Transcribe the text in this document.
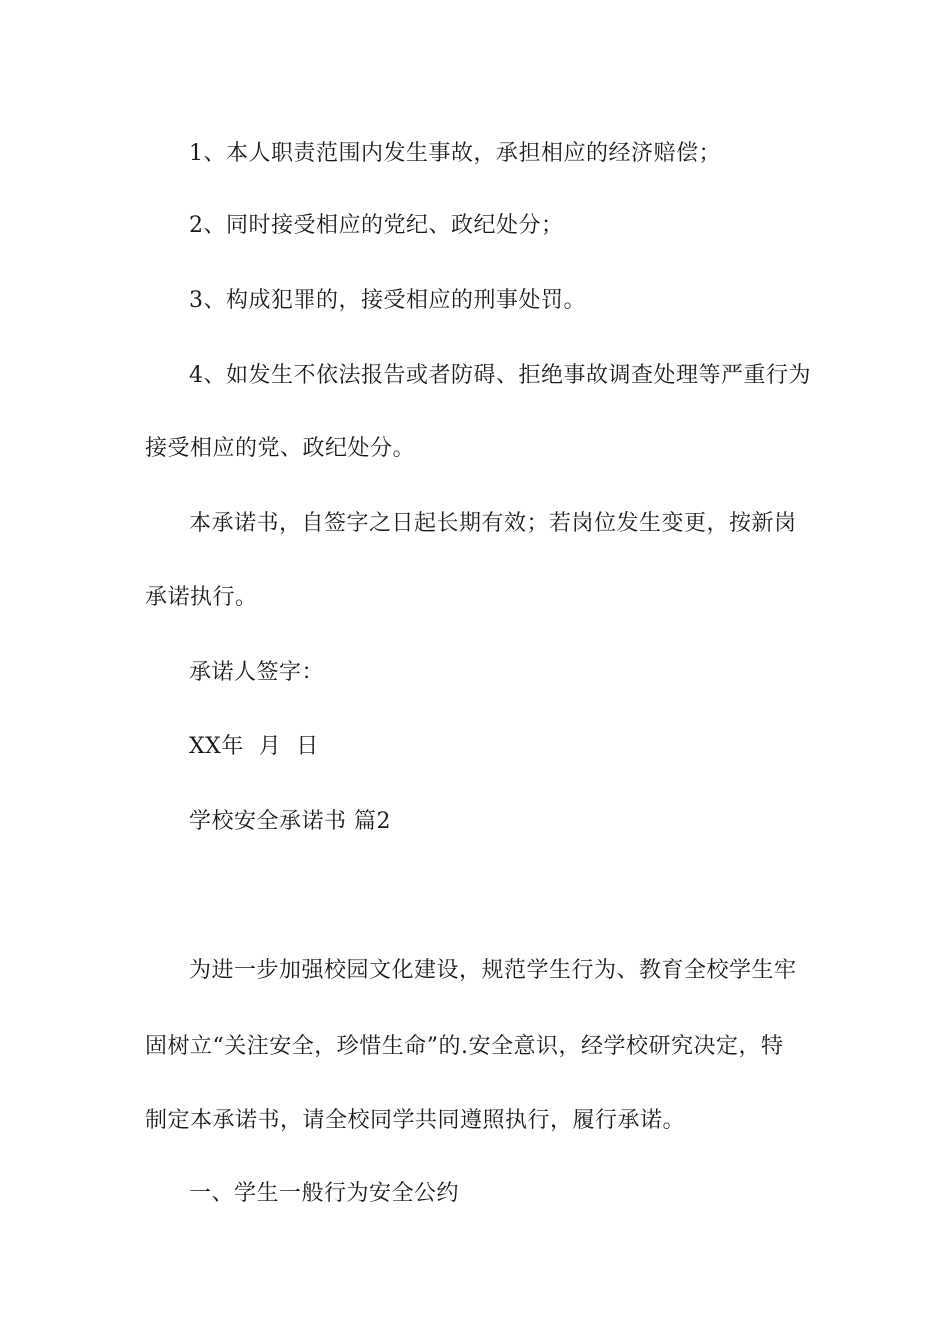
1、本人职责范围内发生事故，承担相应的经济赔偿；
2、同时接受相应的党纪、政纪处分；
3、构成犯罪的，接受相应的刑事处罚。
4、如发生不依法报告或者防碍、拒绝事故调查处理等严重行为
接受相应的党、政纪处分。
本承诺书，自签字之日起长期有效；若岗位发生变更，按新岗
承诺执行。
承诺人签字：
XX年  月  日
学校安全承诺书 篇2
为进一步加强校园文化建设，规范学生行为、教育全校学生牢
固树立“关注安全，珍惜生命”的.安全意识，经学校研究决定，特
制定本承诺书，请全校同学共同遵照执行，履行承诺。
一、学生一般行为安全公约
